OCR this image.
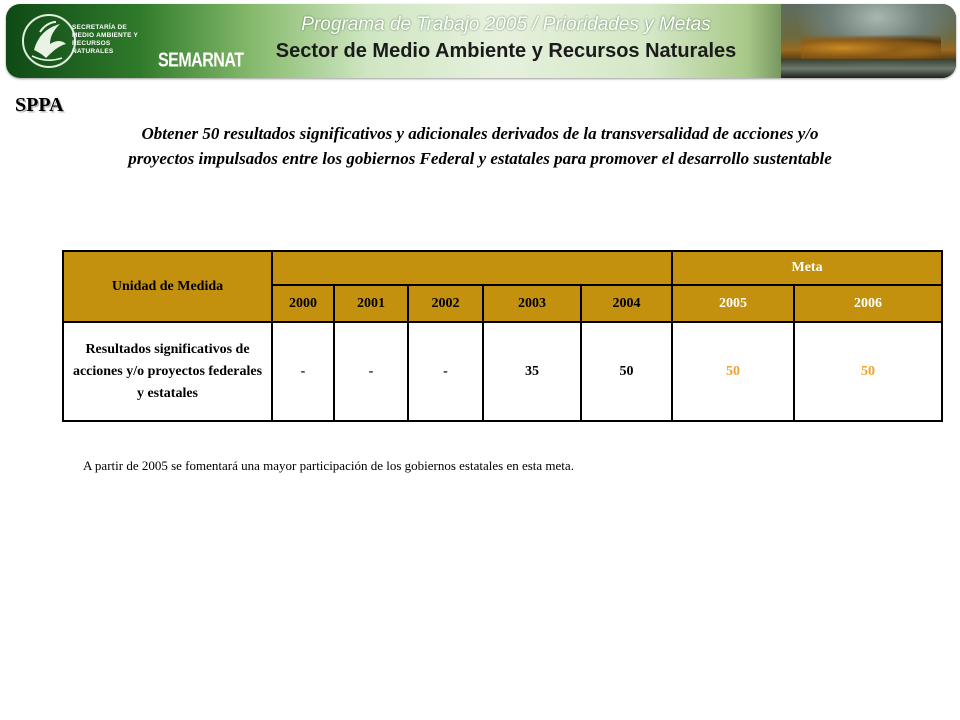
SECRETARÍA DE
MEDIO AMBIENTE Y
RECURSOS NATURALES	SEMARNAT
Programa de Trabajo 2005 / Prioridades y Metas
Sector de Medio Ambiente y Recursos Naturales
SPPA
Obtener 50 resultados significativos y adicionales derivados de la transversalidad de acciones y/o proyectos impulsados entre los gobiernos Federal y estatales para promover el desarrollo sustentable
Unidad de Medida						Meta	
	2000	2001	2002	2003	2004	2005	2006
Resultados significativos de acciones y/o proyectos federales y estatales	-	-	-	35	50	50	50
A partir de 2005 se fomentará una mayor participación de los gobiernos estatales en esta meta.
